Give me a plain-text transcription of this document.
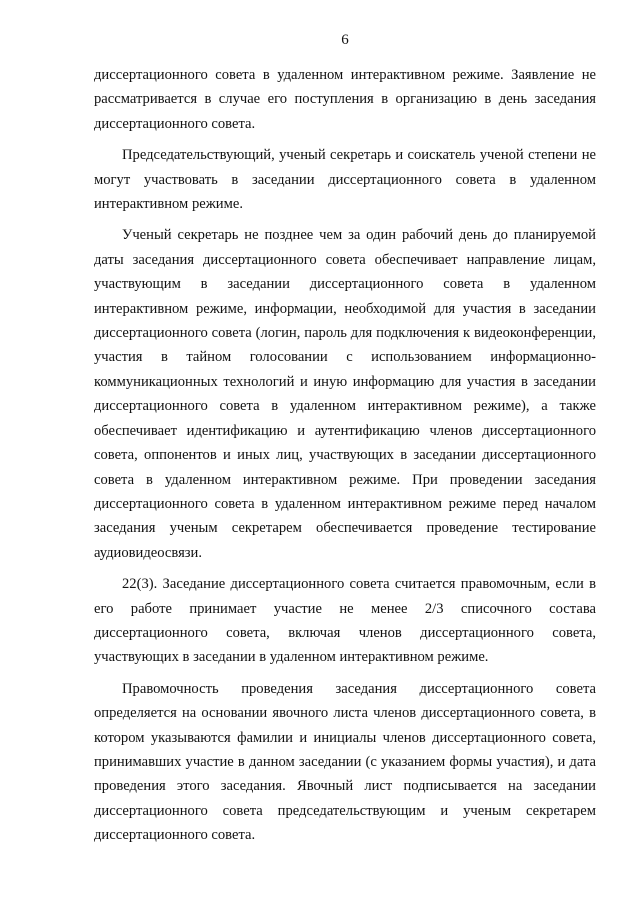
6

диссертационного совета в удаленном интерактивном режиме. Заявление не рассматривается в случае его поступления в организацию в день заседания диссертационного совета.

Председательствующий, ученый секретарь и соискатель ученой степени не могут участвовать в заседании диссертационного совета в удаленном интерактивном режиме.

Ученый секретарь не позднее чем за один рабочий день до планируемой даты заседания диссертационного совета обеспечивает направление лицам, участвующим в заседании диссертационного совета в удаленном интерактивном режиме, информации, необходимой для участия в заседании диссертационного совета (логин, пароль для подключения к видеоконференции, участия в тайном голосовании с использованием информационно-коммуникационных технологий и иную информацию для участия в заседании диссертационного совета в удаленном интерактивном режиме), а также обеспечивает идентификацию и аутентификацию членов диссертационного совета, оппонентов и иных лиц, участвующих в заседании диссертационного совета в удаленном интерактивном режиме. При проведении заседания диссертационного совета в удаленном интерактивном режиме перед началом заседания ученым секретарем обеспечивается проведение тестирование аудиовидеосвязи.

22(3). Заседание диссертационного совета считается правомочным, если в его работе принимает участие не менее 2/3 списочного состава диссертационного совета, включая членов диссертационного совета, участвующих в заседании в удаленном интерактивном режиме.

Правомочность проведения заседания диссертационного совета определяется на основании явочного листа членов диссертационного совета, в котором указываются фамилии и инициалы членов диссертационного совета, принимавших участие в данном заседании (с указанием формы участия), и дата проведения этого заседания. Явочный лист подписывается на заседании диссертационного совета председательствующим и ученым секретарем диссертационного совета.
